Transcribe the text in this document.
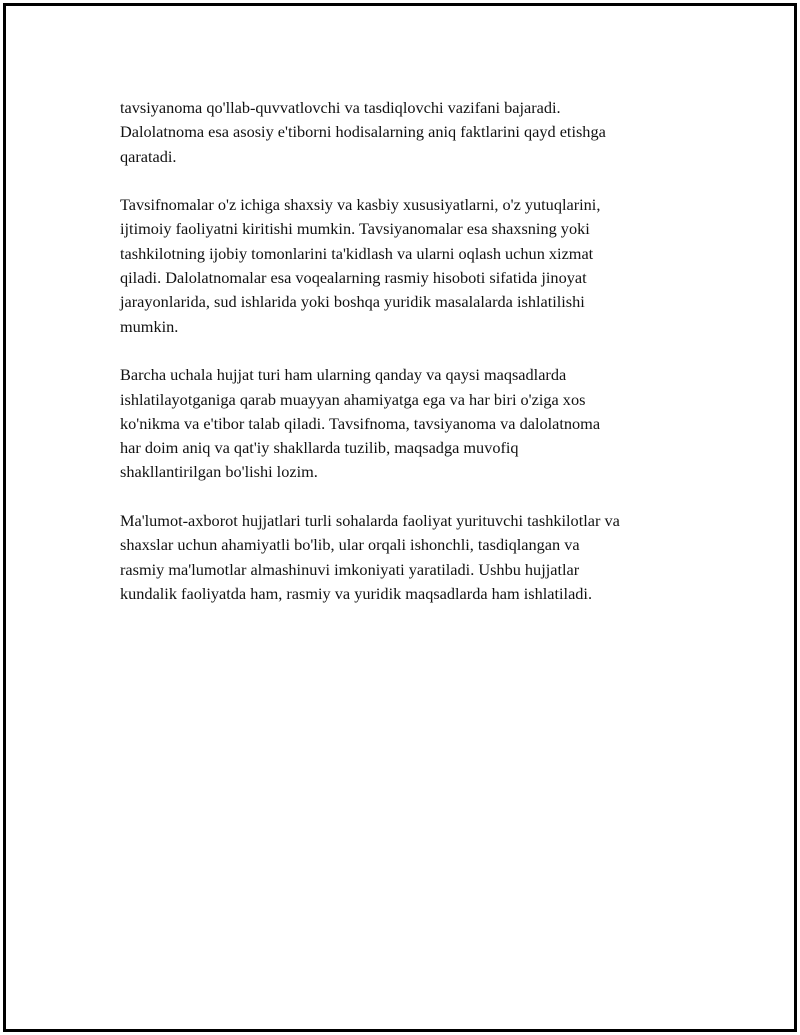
tavsiyanoma qo'llab-quvvatlovchi va tasdiqlovchi vazifani bajaradi.
Dalolatnoma esa asosiy e'tiborni hodisalarning aniq faktlarini qayd etishga
qaratadi.

Tavsifnomalar o'z ichiga shaxsiy va kasbiy xususiyatlarni, o'z yutuqlarini,
ijtimoiy faoliyatni kiritishi mumkin. Tavsiyanomalar esa shaxsning yoki
tashkilotning ijobiy tomonlarini ta'kidlash va ularni oqlash uchun xizmat
qiladi. Dalolatnomalar esa voqealarning rasmiy hisoboti sifatida jinoyat
jarayonlarida, sud ishlarida yoki boshqa yuridik masalalarda ishlatilishi
mumkin.

Barcha uchala hujjat turi ham ularning qanday va qaysi maqsadlarda
ishlatilayotganiga qarab muayyan ahamiyatga ega va har biri o'ziga xos
ko'nikma va e'tibor talab qiladi. Tavsifnoma, tavsiyanoma va dalolatnoma
har doim aniq va qat'iy shakllarda tuzilib, maqsadga muvofiq
shakllantirilgan bo'lishi lozim.

Ma'lumot-axborot hujjatlari turli sohalarda faoliyat yurituvchi tashkilotlar va
shaxslar uchun ahamiyatli bo'lib, ular orqali ishonchli, tasdiqlangan va
rasmiy ma'lumotlar almashinuvi imkoniyati yaratiladi. Ushbu hujjatlar
kundalik faoliyatda ham, rasmiy va yuridik maqsadlarda ham ishlatiladi.
